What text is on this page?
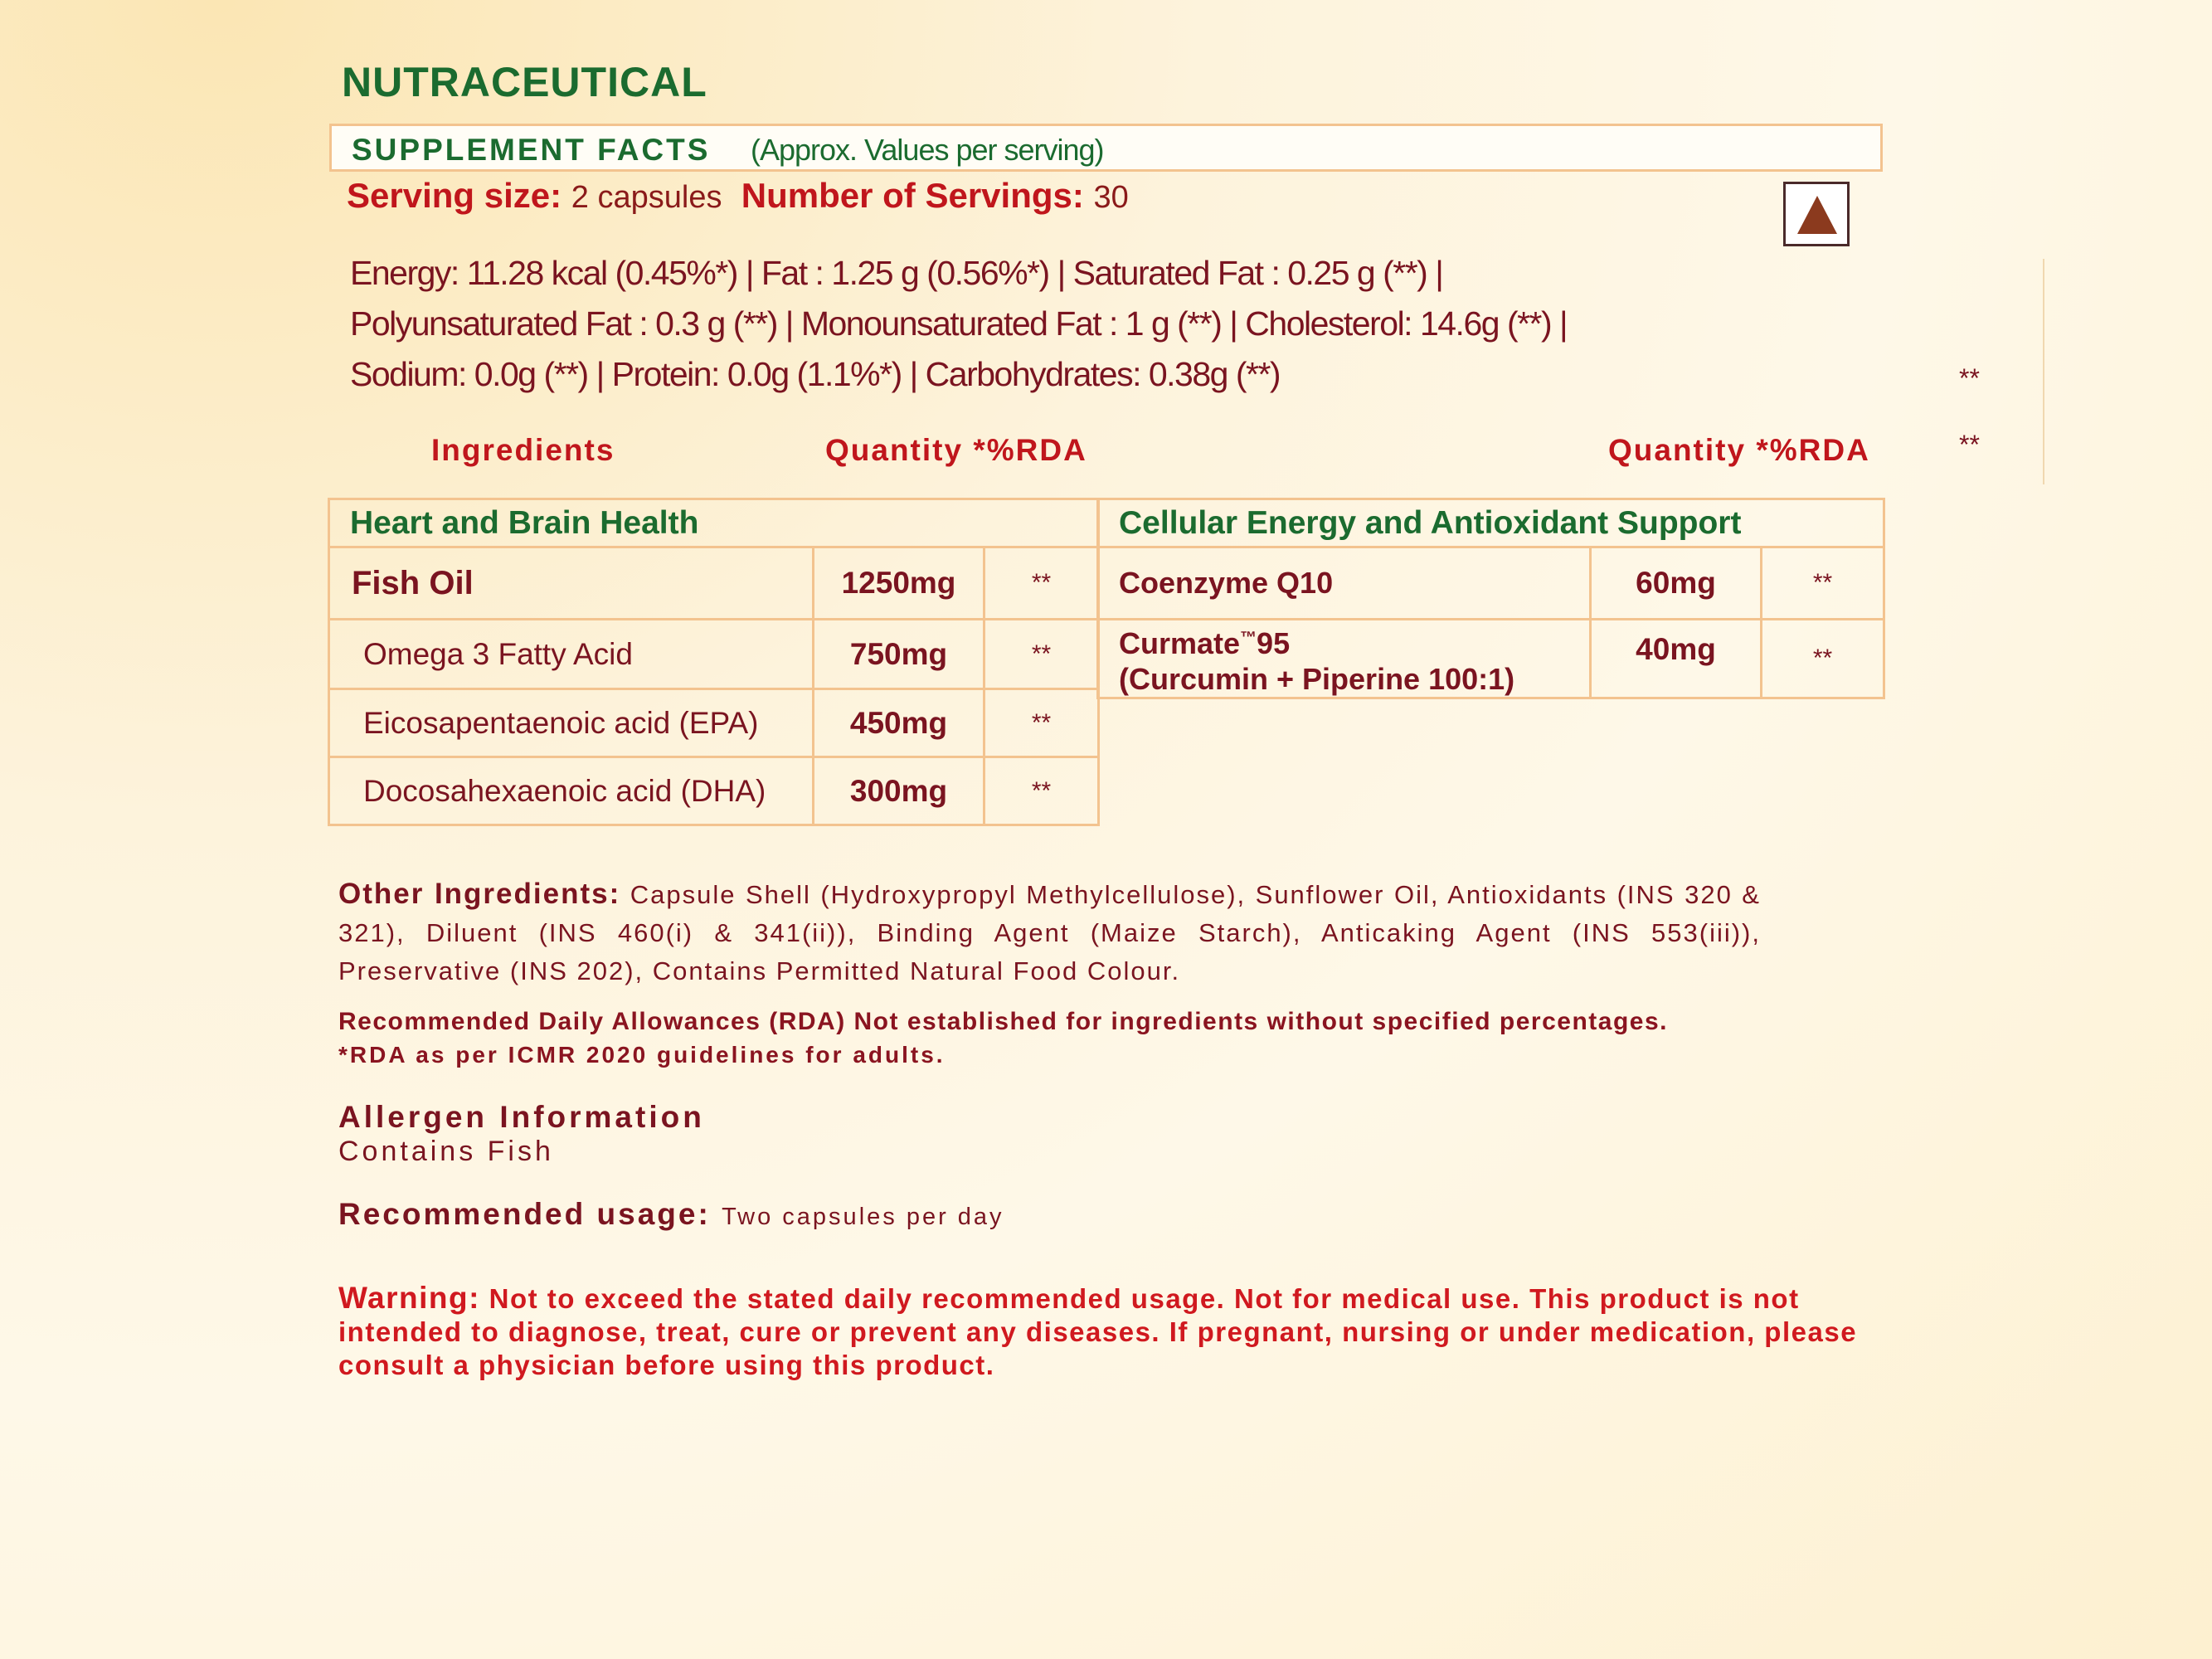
NUTRACEUTICAL
SUPPLEMENT FACTS (Approx. Values per serving)
Serving size: 2 capsules Number of Servings: 30
Energy: 11.28 kcal (0.45%*) | Fat : 1.25 g (0.56%*) | Saturated Fat : 0.25 g (**) |
Polyunsaturated Fat : 0.3 g (**) | Monounsaturated Fat : 1 g (**) | Cholesterol: 14.6g (**) |
Sodium: 0.0g (**) | Protein: 0.0g (1.1%*) | Carbohydrates: 0.38g (**)	**
**
Ingredients	Quantity *%RDA	Quantity *%RDA
Heart and Brain Health		
Fish Oil	1250mg	**
Omega 3 Fatty Acid	750mg	**
Eicosapentaenoic acid (EPA)	450mg	**
Docosahexaenoic acid (DHA)	300mg	**
Cellular Energy and Antioxidant Support		
Coenzyme Q10	60mg	**
Curmate™95
(Curcumin + Piperine 100:1)	40mg	**
Other Ingredients: Capsule Shell (Hydroxypropyl Methylcellulose), Sunflower Oil, Antioxidants (INS 320 & 321), Diluent (INS 460(i) & 341(ii)), Binding Agent (Maize Starch), Anticaking Agent (INS 553(iii)), Preservative (INS 202), Contains Permitted Natural Food Colour.
Recommended Daily Allowances (RDA) Not established for ingredients without specified percentages.
*RDA as per ICMR 2020 guidelines for adults.
Allergen Information
Contains Fish
Recommended usage: Two capsules per day
Warning: Not to exceed the stated daily recommended usage. Not for medical use. This product is not intended to diagnose, treat, cure or prevent any diseases. If pregnant, nursing or under medication, please consult a physician before using this product.
